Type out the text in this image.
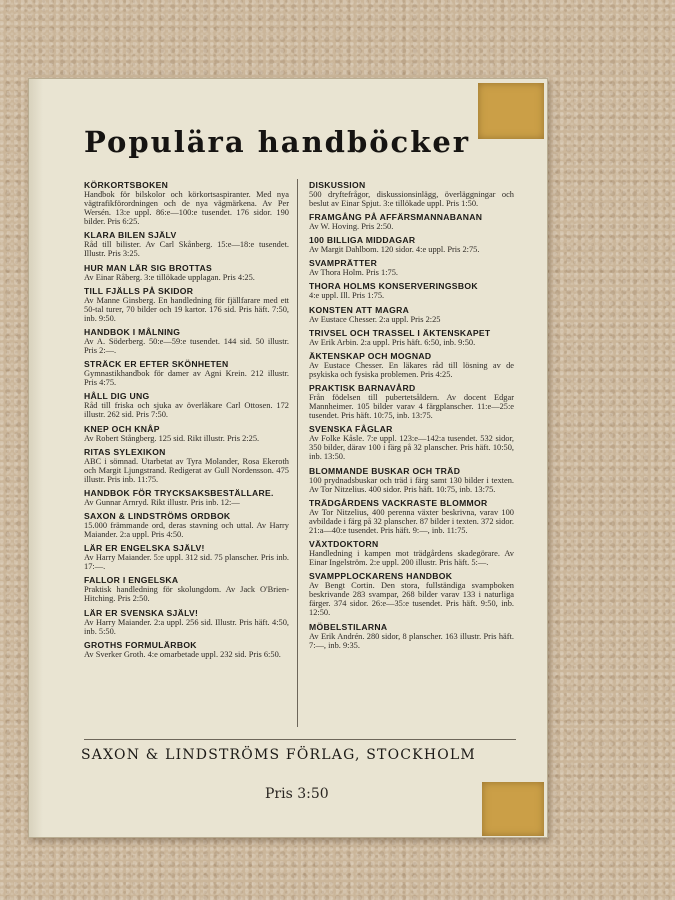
Populära handböcker
KÖRKORTSBOKEN
Handbok för bilskolor och körkortsaspiranter. Med nya vägtrafikförordningen och de nya vägmärkena. Av Per Wersén. 13:e uppl. 86:e—100:e tusendet. 176 sidor. 190 bilder. Pris 6:25.
KLARA BILEN SJÄLV
Råd till bilister. Av Carl Skånberg. 15:e—18:e tusendet. Illustr. Pris 3:25.
HUR MAN LÄR SIG BROTTAS
Av Einar Råberg. 3:e tillökade upplagan. Pris 4:25.
TILL FJÄLLS PÅ SKIDOR
Av Manne Ginsberg. En handledning för fjällfarare med ett 50-tal turer, 70 bilder och 19 kartor. 176 sid. Pris häft. 7:50, inb. 9:50.
HANDBOK I MÅLNING
Av A. Söderberg. 50:e—59:e tusendet. 144 sid. 50 illustr. Pris 2:—.
STRÄCK ER EFTER SKÖNHETEN
Gymnastikhandbok för damer av Agni Krein. 212 illustr. Pris 4:75.
HÅLL DIG UNG
Råd till friska och sjuka av överläkare Carl Ottosen. 172 illustr. 262 sid. Pris 7:50.
KNEP OCH KNÅP
Av Robert Stångberg. 125 sid. Rikt illustr. Pris 2:25.
RITAS SYLEXIKON
ABC i sömnad. Utarbetat av Tyra Molander, Rosa Ekeroth och Margit Ljungstrand. Redigerat av Gull Nordensson. 475 illustr. Pris inb. 11:75.
HANDBOK FÖR TRYCKSAKSBESTÄLLARE.
Av Gunnar Arnryd. Rikt illustr. Pris inb. 12:—
SAXON & LINDSTRÖMS ORDBOK
15.000 främmande ord, deras stavning och uttal. Av Harry Maiander. 2:a uppl. Pris 4:50.
LÄR ER ENGELSKA SJÄLV!
Av Harry Maiander. 5:e uppl. 312 sid. 75 planscher. Pris inb. 17:—.
FALLOR I ENGELSKA
Praktisk handledning för skolungdom. Av Jack O'Brien-Hitching. Pris 2:50.
LÄR ER SVENSKA SJÄLV!
Av Harry Maiander. 2:a uppl. 256 sid. Illustr. Pris häft. 4:50, inb. 5:50.
GROTHS FORMULÄRBOK
Av Sverker Groth. 4:e omarbetade uppl. 232 sid. Pris 6:50.
DISKUSSION
500 dryftefrågor, diskussionsinlägg, överläggningar och beslut av Einar Spjut. 3:e tillökade uppl. Pris 1:50.
FRAMGÅNG PÅ AFFÄRSMANNABANAN
Av W. Hoving. Pris 2:50.
100 BILLIGA MIDDAGAR
Av Margit Dahlbom. 120 sidor. 4:e uppl. Pris 2:75.
SVAMPRÄTTER
Av Thora Holm. Pris 1:75.
THORA HOLMS KONSERVERINGSBOK
4:e uppl. Ill. Pris 1:75.
KONSTEN ATT MAGRA
Av Eustace Chesser. 2:a uppl. Pris 2:25
TRIVSEL OCH TRASSEL I ÄKTENSKAPET
Av Erik Arbin. 2:a uppl. Pris häft. 6:50, inb. 9:50.
ÄKTENSKAP OCH MOGNAD
Av Eustace Chesser. En läkares råd till lösning av de psykiska och fysiska problemen. Pris 4:25.
PRAKTISK BARNAVÅRD
Från födelsen till pubertetsåldern. Av docent Edgar Mannheimer. 105 bilder varav 4 färgplanscher. 11:e—25:e tusendet. Pris häft. 10:75, inb. 13:75.
SVENSKA FÅGLAR
Av Folke Kåsle. 7:e uppl. 123:e—142:a tusendet. 532 sidor, 350 bilder, därav 100 i färg på 32 planscher. Pris häft. 10:50, inb. 13:50.
BLOMMANDE BUSKAR OCH TRÄD
100 prydnadsbuskar och träd i färg samt 130 bilder i texten. Av Tor Nitzelius. 400 sidor. Pris häft. 10:75, inb. 13:75.
TRÄDGÅRDENS VACKRASTE BLOMMOR
Av Tor Nitzelius, 400 perenna växter beskrivna, varav 100 avbildade i färg på 32 planscher. 87 bilder i texten. 372 sidor. 21:a—40:e tusendet. Pris häft. 9:—, inb. 11:75.
VÄXTDOKTORN
Handledning i kampen mot trädgårdens skadegörare. Av Einar Ingelström. 2:e uppl. 200 illustr. Pris häft. 5:—.
SVAMPPLOCKARENS HANDBOK
Av Bengt Cortin. Den stora, fullständiga svampboken beskrivande 283 svampar, 268 bilder varav 133 i naturliga färger. 374 sidor. 26:e—35:e tusendet. Pris häft. 9:50, inb. 12:50.
MÖBELSTILARNA
Av Erik Andrén. 280 sidor, 8 planscher. 163 illustr. Pris häft. 7:—, inb. 9:35.
SAXON & LINDSTRÖMS FÖRLAG, STOCKHOLM
Pris 3:50
